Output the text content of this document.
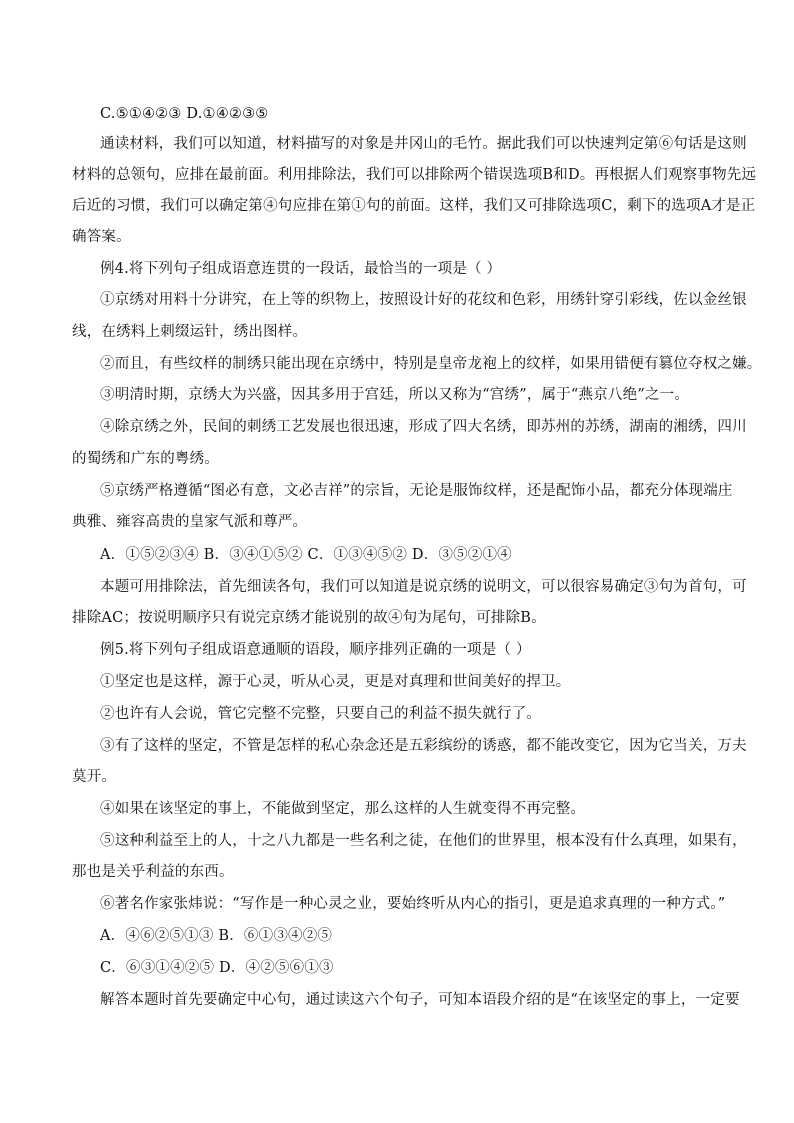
C.⑤①④②③ D.①④②③⑤
通读材料，我们可以知道，材料描写的对象是井冈山的毛竹。据此我们可以快速判定第⑥句话是这则
材料的总领句，应排在最前面。利用排除法，我们可以排除两个错误选项B和D。再根据人们观察事物先远
后近的习惯，我们可以确定第④句应排在第①句的前面。这样，我们又可排除选项C，剩下的选项A才是正
确答案。
例4.将下列句子组成语意连贯的一段话，最恰当的一项是（ ）
①京绣对用料十分讲究，在上等的织物上，按照设计好的花纹和色彩，用绣针穿引彩线，佐以金丝银
线，在绣料上刺缀运针，绣出图样。
②而且，有些纹样的制绣只能出现在京绣中，特别是皇帝龙袍上的纹样，如果用错便有篡位夺权之嫌。
③明清时期，京绣大为兴盛，因其多用于宫廷，所以又称为“宫绣”，属于“燕京八绝”之一。
④除京绣之外，民间的刺绣工艺发展也很迅速，形成了四大名绣，即苏州的苏绣，湖南的湘绣，四川
的蜀绣和广东的粤绣。
⑤京绣严格遵循“图必有意，文必吉祥”的宗旨，无论是服饰纹样，还是配饰小品，都充分体现端庄
典雅、雍容高贵的皇家气派和尊严。
A．①⑤②③④ B．③④①⑤② C．①③④⑤② D．③⑤②①④
本题可用排除法，首先细读各句，我们可以知道是说京绣的说明文，可以很容易确定③句为首句，可
排除AC；按说明顺序只有说完京绣才能说别的故④句为尾句，可排除B。
例5.将下列句子组成语意通顺的语段，顺序排列正确的一项是（ ）
①坚定也是这样，源于心灵，听从心灵，更是对真理和世间美好的捍卫。
②也许有人会说，管它完整不完整，只要自己的利益不损失就行了。
③有了这样的坚定，不管是怎样的私心杂念还是五彩缤纷的诱惑，都不能改变它，因为它当关，万夫
莫开。
④如果在该坚定的事上，不能做到坚定，那么这样的人生就变得不再完整。
⑤这种利益至上的人，十之八九都是一些名利之徒，在他们的世界里，根本没有什么真理，如果有，
那也是关乎利益的东西。
⑥著名作家张炜说：“写作是一种心灵之业，要始终听从内心的指引，更是追求真理的一种方式。”
A．④⑥②⑤①③ B．⑥①③④②⑤
C．⑥③①④②⑤ D．④②⑤⑥①③
解答本题时首先要确定中心句，通过读这六个句子，可知本语段介绍的是“在该坚定的事上，一定要
